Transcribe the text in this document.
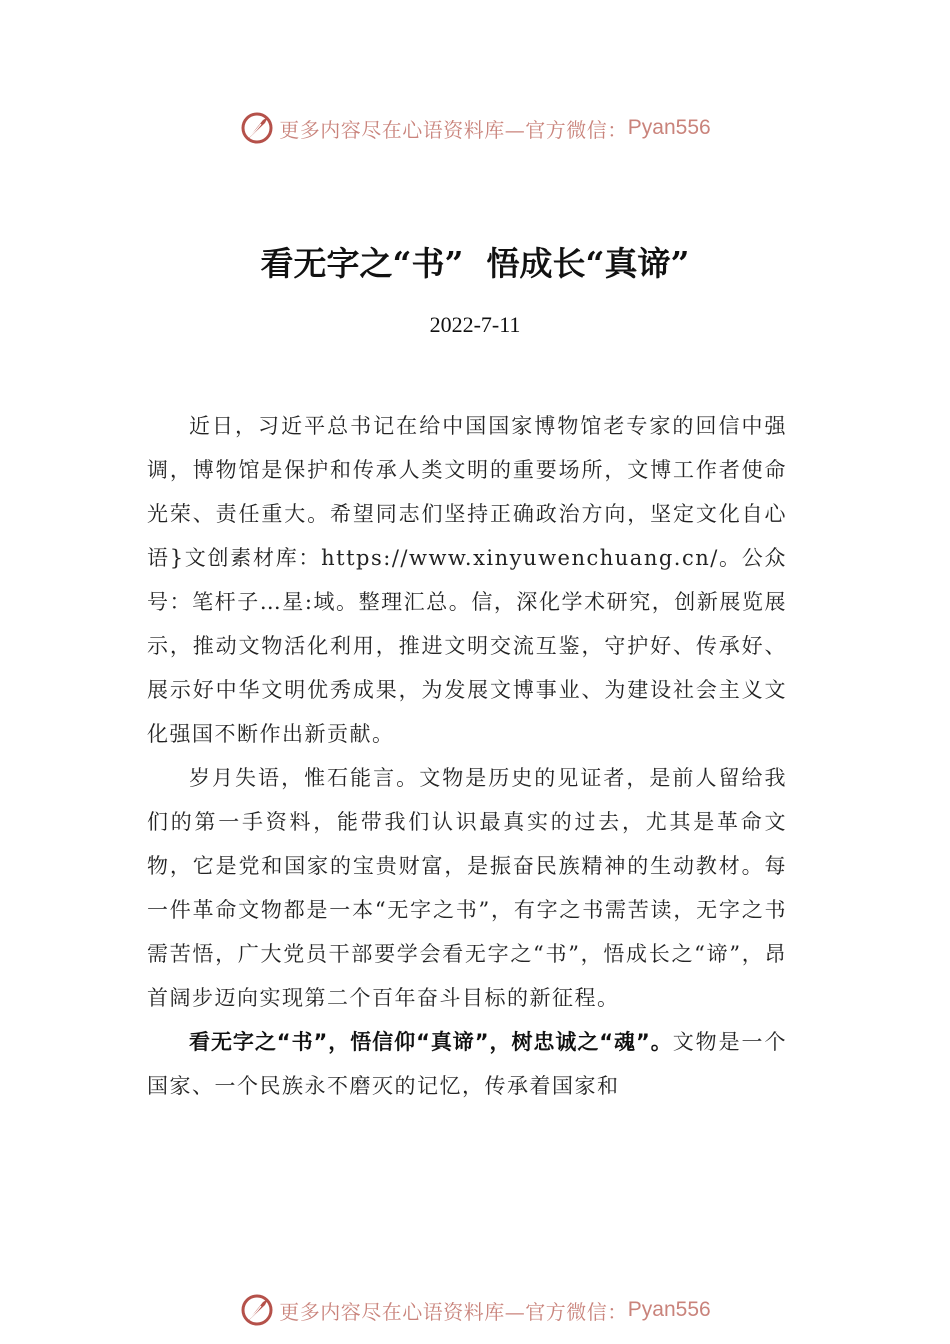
更多内容尽在心语资料库—官方微信： Pyan556
看无字之“书”  悟成长“真谛”
2022-7-11

近日，习近平总书记在给中国国家博物馆老专家的回信中强调，博物馆是保护和传承人类文明的重要场所，文博工作者使命光荣、责任重大。希望同志们坚持正确政治方向，坚定文化自心语}文创素材库：https://www.xinyuwenchuang.cn/。公众号：笔杆子…星:域。整理汇总。信，深化学术研究，创新展览展示，推动文物活化利用，推进文明交流互鉴，守护好、传承好、展示好中华文明优秀成果，为发展文博事业、为建设社会主义文化强国不断作出新贡献。

岁月失语，惟石能言。文物是历史的见证者，是前人留给我们的第一手资料，能带我们认识最真实的过去，尤其是革命文物，它是党和国家的宝贵财富，是振奋民族精神的生动教材。每一件革命文物都是一本“无字之书”，有字之书需苦读，无字之书需苦悟，广大党员干部要学会看无字之“书”，悟成长之“谛”，昂首阔步迈向实现第二个百年奋斗目标的新征程。

看无字之“书”，悟信仰“真谛”，树忠诚之“魂”。文物是一个国家、一个民族永不磨灭的记忆，传承着国家和

更多内容尽在心语资料库—官方微信： Pyan556
